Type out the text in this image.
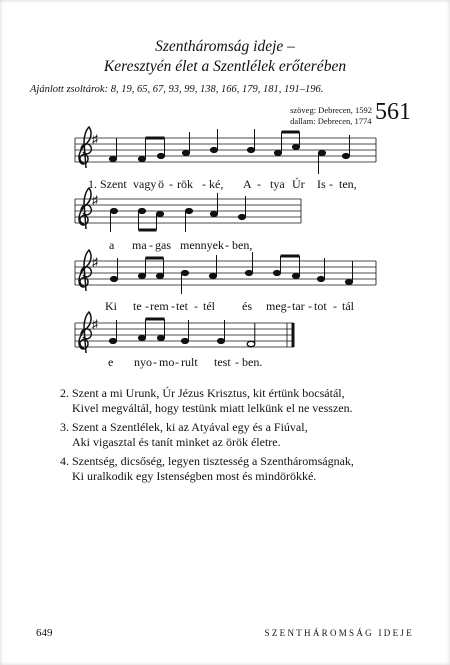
Szentháromság ideje –
Keresztyén élet a Szentlélek erőterében
Ajánlott zsoltárok: 8, 19, 65, 67, 93, 99, 138, 166, 179, 181, 191–196.
szöveg: Debrecen, 1592
dallam: Debrecen, 1774 561
♯
♯
♯
♯
1. Szent vagy ö - rök - ké, A - tya Úr Is - ten,
a ma - gas mennyek - ben,
Ki te - rem - tet - tél és meg - tar - tot - tál
e nyo - mo - rult test - ben.
2. Szent a mi Urunk, Úr Jézus Krisztus, kit értünk bocsátál,
Kivel megváltál, hogy testünk miatt lelkünk el ne vesszen.
3. Szent a Szentlélek, ki az Atyával egy és a Fiúval,
Aki vigasztal és tanít minket az örök életre.
4. Szentség, dicsőség, legyen tisztesség a Szentháromságnak,
Ki uralkodik egy Istenségben most és mindörökké.
649	SZENTHÁROMSÁG IDEJE
